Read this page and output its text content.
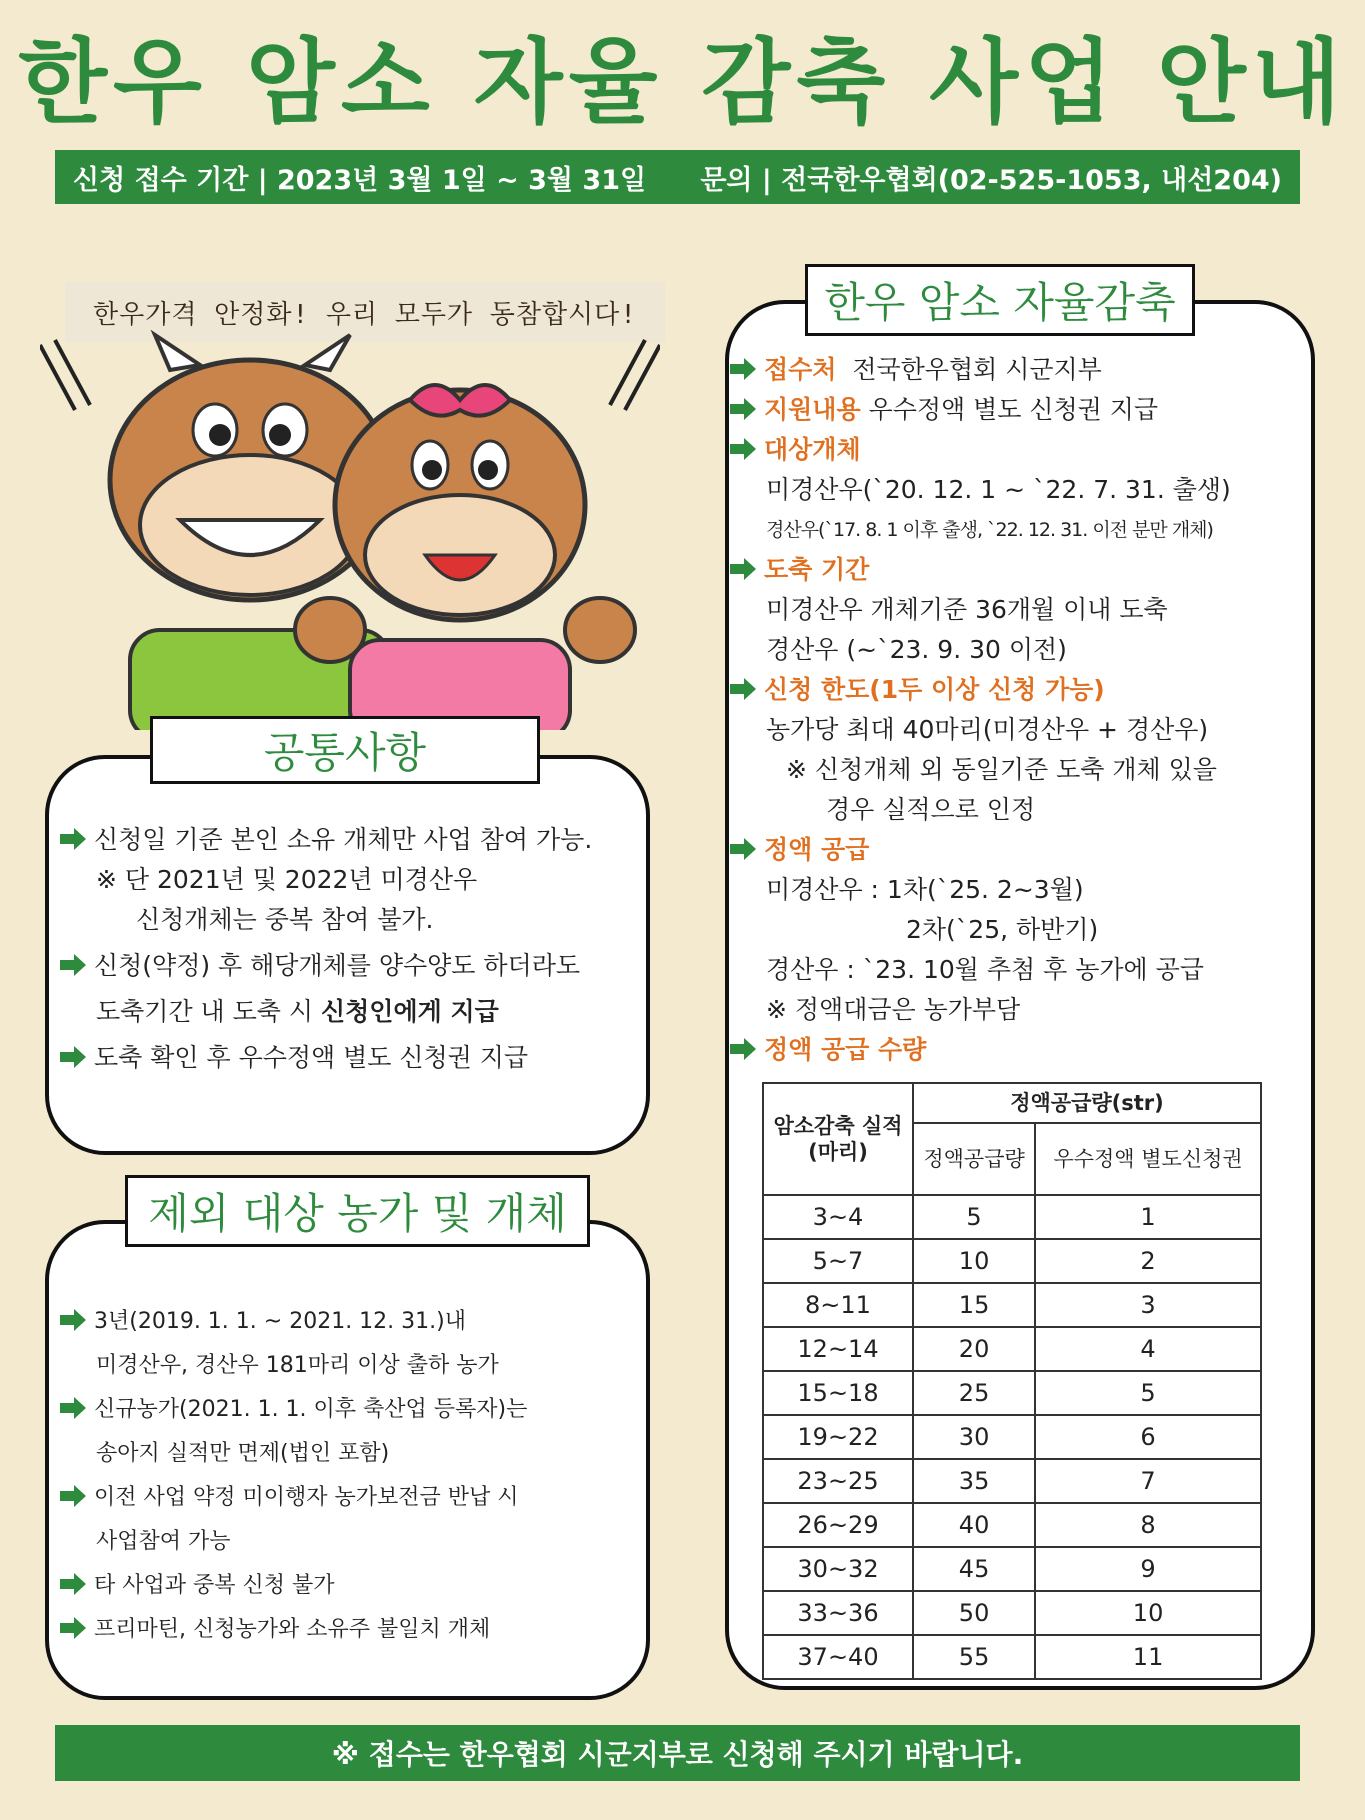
한우 암소 자율 감축 사업 안내
신청 접수 기간 | 2023년 3월 1일 ~ 3월 31일 문의 | 전국한우협회(02-525-1053, 내선204)
한우가격 안정화! 우리 모두가 동참합시다!
공통사항
신청일 기준 본인 소유 개체만 사업 참여 가능.
※ 단 2021년 및 2022년 미경산우
신청개체는 중복 참여 불가.
신청(약정) 후 해당개체를 양수양도 하더라도
도축기간 내 도축 시 신청인에게 지급
도축 확인 후 우수정액 별도 신청권 지급
제외 대상 농가 및 개체
3년(2019. 1. 1. ~ 2021. 12. 31.)내
미경산우, 경산우 181마리 이상 출하 농가
신규농가(2021. 1. 1. 이후 축산업 등록자)는
송아지 실적만 면제(법인 포함)
이전 사업 약정 미이행자 농가보전금 반납 시
사업참여 가능
타 사업과 중복 신청 불가
프리마틴, 신청농가와 소유주 불일치 개체
한우 암소 자율감축
접수처 전국한우협회 시군지부
지원내용 우수정액 별도 신청권 지급
대상개체
미경산우(`20. 12. 1 ~ `22. 7. 31. 출생)
경산우(`17. 8. 1 이후 출생, `22. 12. 31. 이전 분만 개체)
도축 기간
미경산우 개체기준 36개월 이내 도축
경산우 (~`23. 9. 30 이전)
신청 한도(1두 이상 신청 가능)
농가당 최대 40마리(미경산우 + 경산우)
※ 신청개체 외 동일기준 도축 개체 있을
경우 실적으로 인정
정액 공급
미경산우 : 1차(`25. 2~3월)
2차(`25, 하반기)
경산우 : `23. 10월 추첨 후 농가에 공급
※ 정액대금은 농가부담
정액 공급 수량
암소감축 실적 (마리)	정액공급량(str)	
	정액공급량	우수정액 별도신청권
3~4	5	1
5~7	10	2
8~11	15	3
12~14	20	4
15~18	25	5
19~22	30	6
23~25	35	7
26~29	40	8
30~32	45	9
33~36	50	10
37~40	55	11
※ 접수는 한우협회 시군지부로 신청해 주시기 바랍니다.
